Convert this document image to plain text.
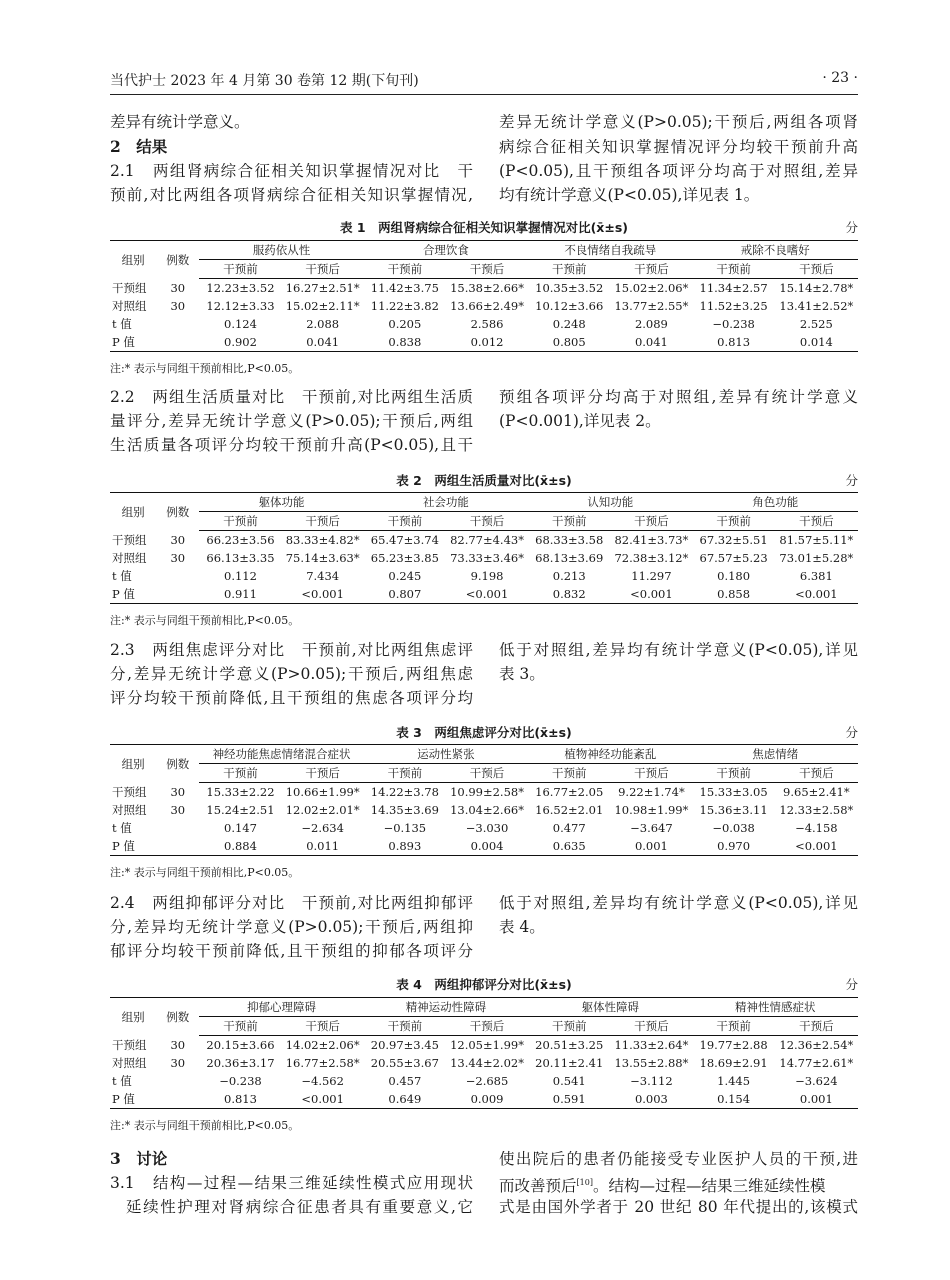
当代护士 2023 年 4 月第 30 卷第 12 期(下旬刊)	· 23 ·
差异有统计学意义。
2　结果
2.1　两组肾病综合征相关知识掌握情况对比　干
预前,对比两组各项肾病综合征相关知识掌握情况,
差异无统计学意义(P>0.05);干预后,两组各项肾
病综合征相关知识掌握情况评分均较干预前升高
(P<0.05),且干预组各项评分均高于对照组,差异
均有统计学意义(P<0.05),详见表 1。
表 1　两组肾病综合征相关知识掌握情况对比(x̄±s)	分
组别	例数	服药依从性		合理饮食		不良情绪自我疏导		戒除不良嗜好	
		干预前	干预后	干预前	干预后	干预前	干预后	干预前	干预后
干预组	30	12.23±3.52	16.27±2.51*	11.42±3.75	15.38±2.66*	10.35±3.52	15.02±2.06*	11.34±2.57	15.14±2.78*
对照组	30	12.12±3.33	15.02±2.11*	11.22±3.82	13.66±2.49*	10.12±3.66	13.77±2.55*	11.52±3.25	13.41±2.52*
t 值		0.124	2.088	0.205	2.586	0.248	2.089	−0.238	2.525
P 值		0.902	0.041	0.838	0.012	0.805	0.041	0.813	0.014
注:* 表示与同组干预前相比,P<0.05。
2.2　两组生活质量对比　干预前,对比两组生活质
量评分,差异无统计学意义(P>0.05);干预后,两组
生活质量各项评分均较干预前升高(P<0.05),且干
预组各项评分均高于对照组,差异有统计学意义
(P<0.001),详见表 2。
表 2　两组生活质量对比(x̄±s)	分
组别	例数	躯体功能		社会功能		认知功能		角色功能	
		干预前	干预后	干预前	干预后	干预前	干预后	干预前	干预后
干预组	30	66.23±3.56	83.33±4.82*	65.47±3.74	82.77±4.43*	68.33±3.58	82.41±3.73*	67.32±5.51	81.57±5.11*
对照组	30	66.13±3.35	75.14±3.63*	65.23±3.85	73.33±3.46*	68.13±3.69	72.38±3.12*	67.57±5.23	73.01±5.28*
t 值		0.112	7.434	0.245	9.198	0.213	11.297	0.180	6.381
P 值		0.911	<0.001	0.807	<0.001	0.832	<0.001	0.858	<0.001
注:* 表示与同组干预前相比,P<0.05。
2.3　两组焦虑评分对比　干预前,对比两组焦虑评
分,差异无统计学意义(P>0.05);干预后,两组焦虑
评分均较干预前降低,且干预组的焦虑各项评分均
低于对照组,差异均有统计学意义(P<0.05),详见
表 3。
表 3　两组焦虑评分对比(x̄±s)	分
组别	例数	神经功能焦虑情绪混合症状		运动性紧张		植物神经功能紊乱		焦虑情绪	
		干预前	干预后	干预前	干预后	干预前	干预后	干预前	干预后
干预组	30	15.33±2.22	10.66±1.99*	14.22±3.78	10.99±2.58*	16.77±2.05	9.22±1.74*	15.33±3.05	9.65±2.41*
对照组	30	15.24±2.51	12.02±2.01*	14.35±3.69	13.04±2.66*	16.52±2.01	10.98±1.99*	15.36±3.11	12.33±2.58*
t 值		0.147	−2.634	−0.135	−3.030	0.477	−3.647	−0.038	−4.158
P 值		0.884	0.011	0.893	0.004	0.635	0.001	0.970	<0.001
注:* 表示与同组干预前相比,P<0.05。
2.4　两组抑郁评分对比　干预前,对比两组抑郁评
分,差异均无统计学意义(P>0.05);干预后,两组抑
郁评分均较干预前降低,且干预组的抑郁各项评分
低于对照组,差异均有统计学意义(P<0.05),详见
表 4。
表 4　两组抑郁评分对比(x̄±s)	分
组别	例数	抑郁心理障碍		精神运动性障碍		躯体性障碍		精神性情感症状	
		干预前	干预后	干预前	干预后	干预前	干预后	干预前	干预后
干预组	30	20.15±3.66	14.02±2.06*	20.97±3.45	12.05±1.99*	20.51±3.25	11.33±2.64*	19.77±2.88	12.36±2.54*
对照组	30	20.36±3.17	16.77±2.58*	20.55±3.67	13.44±2.02*	20.11±2.41	13.55±2.88*	18.69±2.91	14.77±2.61*
t 值		−0.238	−4.562	0.457	−2.685	0.541	−3.112	1.445	−3.624
P 值		0.813	<0.001	0.649	0.009	0.591	0.003	0.154	0.001
注:* 表示与同组干预前相比,P<0.05。
3　讨论
3.1　结构—过程—结果三维延续性模式应用现状
延续性护理对肾病综合征患者具有重要意义,它
使出院后的患者仍能接受专业医护人员的干预,进
而改善预后[10]。结构—过程—结果三维延续性模
式是由国外学者于 20 世纪 80 年代提出的,该模式
